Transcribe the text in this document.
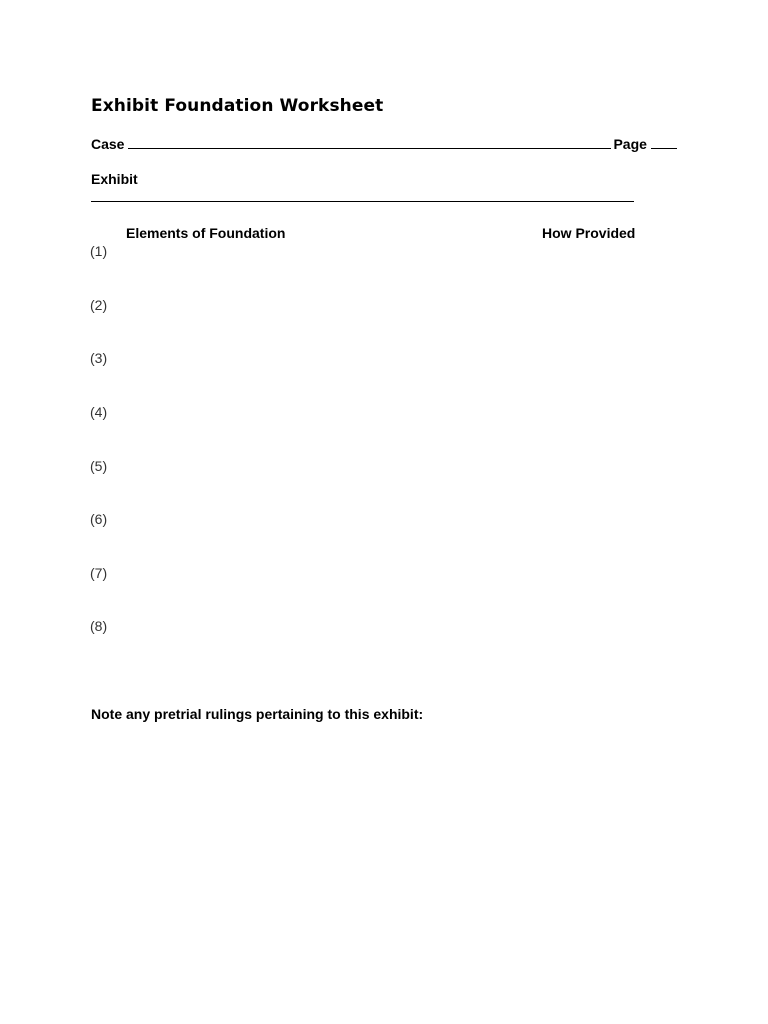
Exhibit Foundation Worksheet
Case	Page
Exhibit
Elements of Foundation	How Provided
(1)
(2)
(3)
(4)
(5)
(6)
(7)
(8)
Note any pretrial rulings pertaining to this exhibit:
